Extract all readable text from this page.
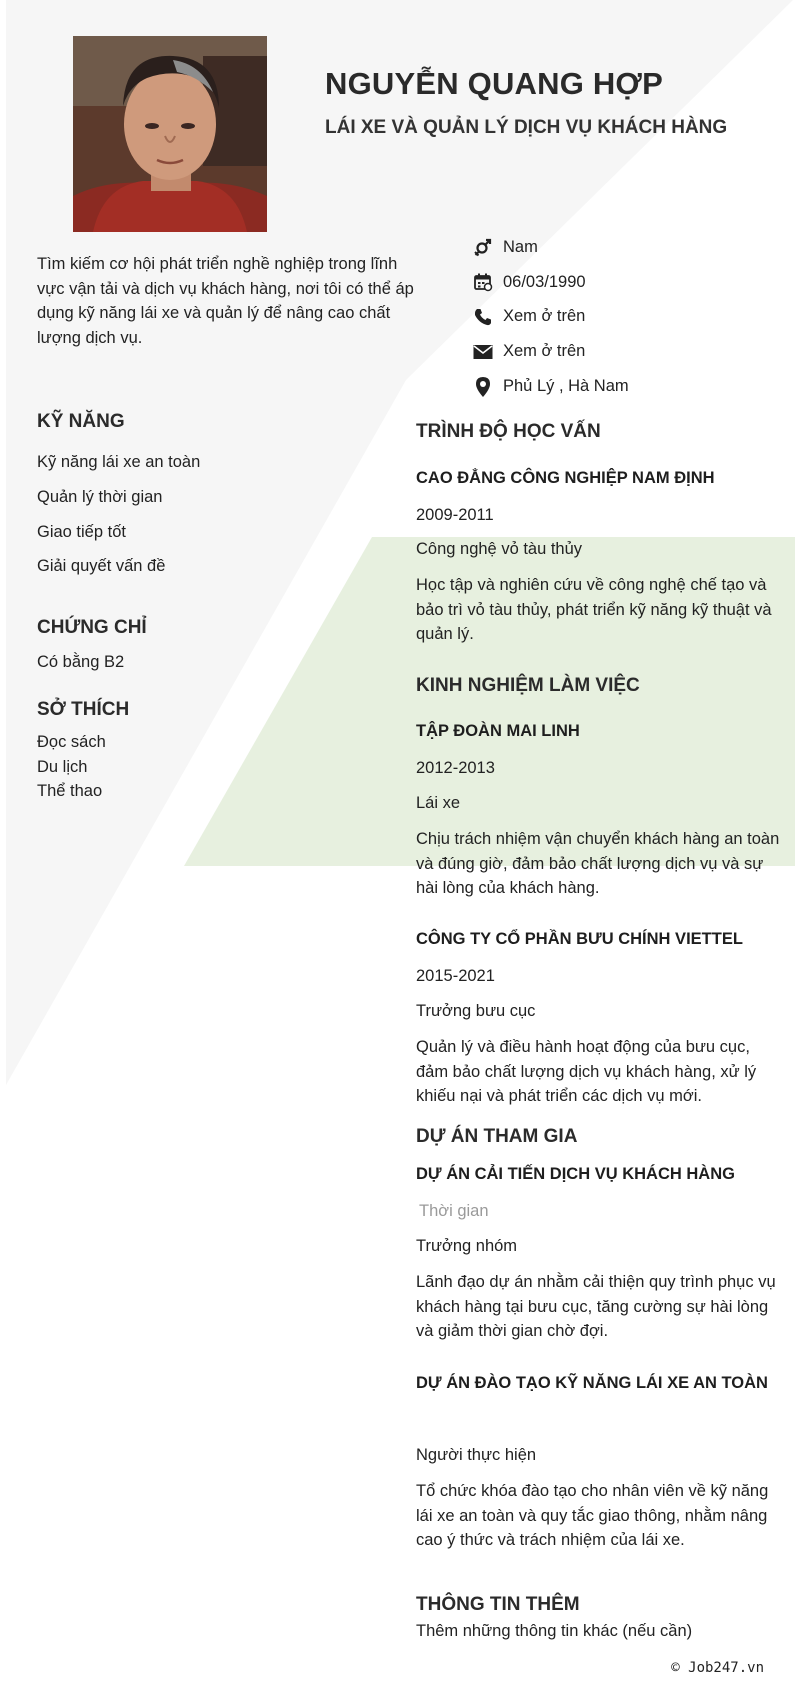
NGUYỄN QUANG HỢP
LÁI XE VÀ QUẢN LÝ DỊCH VỤ KHÁCH HÀNG

Tìm kiếm cơ hội phát triển nghề nghiệp trong lĩnh vực vận tải và dịch vụ khách hàng, nơi tôi có thể áp dụng kỹ năng lái xe và quản lý để nâng cao chất lượng dịch vụ.

Nam
06/03/1990
Xem ở trên
Xem ở trên
Phủ Lý , Hà Nam
KỸ NĂNG

Kỹ năng lái xe an toàn

Quản lý thời gian

Giao tiếp tốt

Giải quyết vấn đề

CHỨNG CHỈ

Có bằng B2

SỞ THÍCH

Đọc sách

Du lịch

Thể thao

TRÌNH ĐỘ HỌC VẤN

CAO ĐẲNG CÔNG NGHIỆP NAM ĐỊNH

2009-2011

Công nghệ vỏ tàu thủy

Học tập và nghiên cứu về công nghệ chế tạo và bảo trì vỏ tàu thủy, phát triển kỹ năng kỹ thuật và quản lý.

KINH NGHIỆM LÀM VIỆC

TẬP ĐOÀN MAI LINH

2012-2013

Lái xe

Chịu trách nhiệm vận chuyển khách hàng an toàn và đúng giờ, đảm bảo chất lượng dịch vụ và sự hài lòng của khách hàng.

CÔNG TY CỔ PHẦN BƯU CHÍNH VIETTEL

2015-2021

Trưởng bưu cục

Quản lý và điều hành hoạt động của bưu cục, đảm bảo chất lượng dịch vụ khách hàng, xử lý khiếu nại và phát triển các dịch vụ mới.

DỰ ÁN THAM GIA

DỰ ÁN CẢI TIẾN DỊCH VỤ KHÁCH HÀNG

Thời gian

Trưởng nhóm

Lãnh đạo dự án nhằm cải thiện quy trình phục vụ khách hàng tại bưu cục, tăng cường sự hài lòng và giảm thời gian chờ đợi.

DỰ ÁN ĐÀO TẠO KỸ NĂNG LÁI XE AN TOÀN

Người thực hiện

Tổ chức khóa đào tạo cho nhân viên về kỹ năng lái xe an toàn và quy tắc giao thông, nhằm nâng cao ý thức và trách nhiệm của lái xe.

THÔNG TIN THÊM

Thêm những thông tin khác (nếu cần)

© Job247.vn
